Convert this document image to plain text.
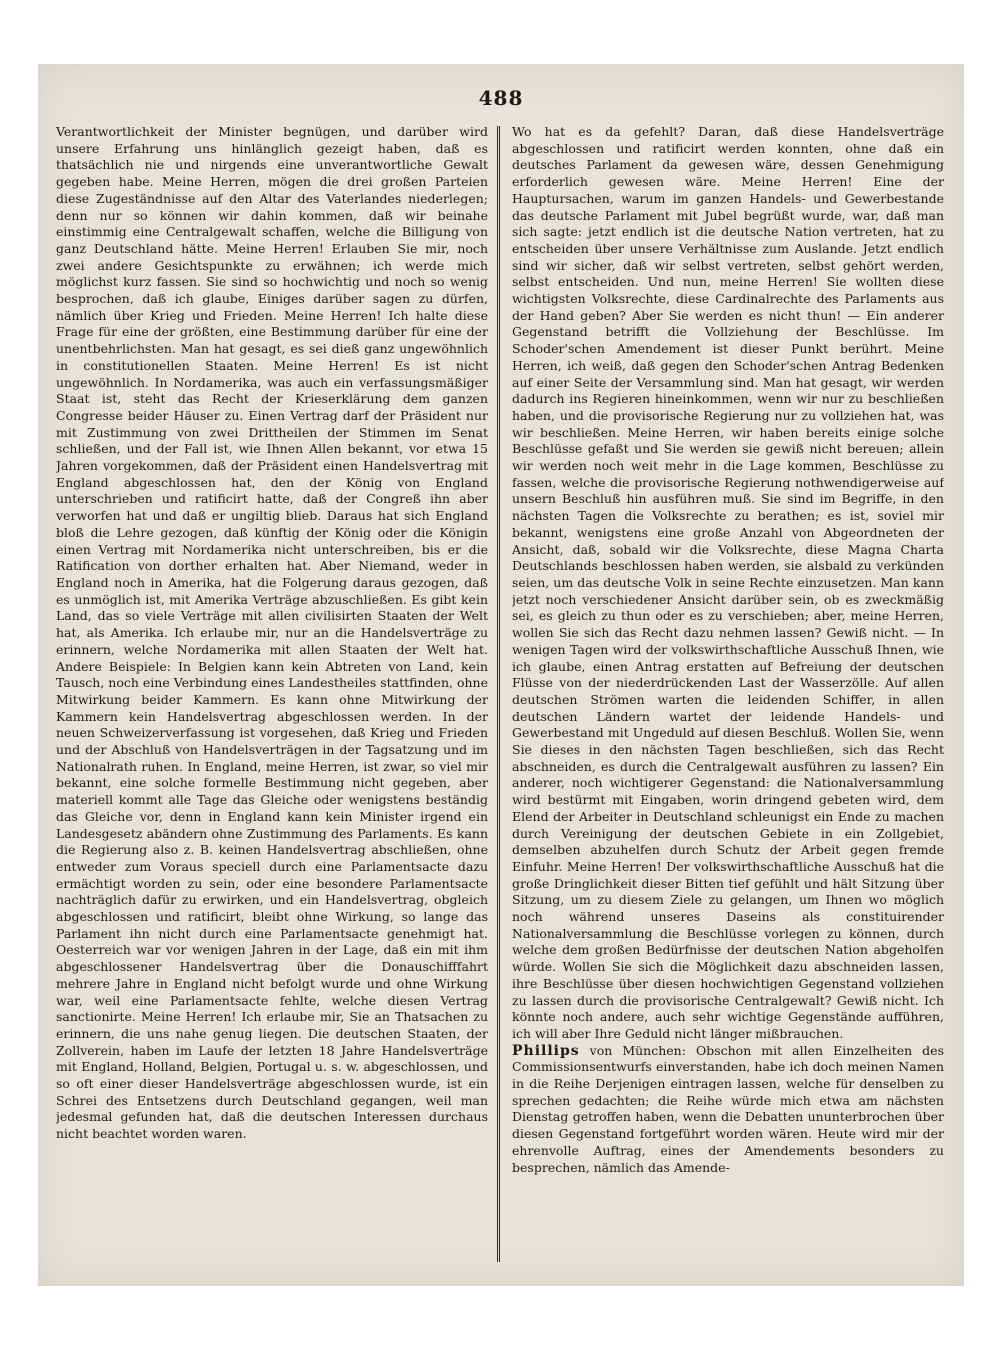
488

Verantwortlichkeit der Minister begnügen, und darüber wird unsere Erfahrung uns hinlänglich gezeigt haben, daß es thatsächlich nie und nirgends eine unverantwortliche Gewalt gegeben habe. Meine Herren, mögen die drei großen Parteien diese Zugeständnisse auf den Altar des Vaterlandes niederlegen; denn nur so können wir dahin kommen, daß wir beinahe einstimmig eine Centralgewalt schaffen, welche die Billigung von ganz Deutschland hätte. Meine Herren! Erlauben Sie mir, noch zwei andere Gesichtspunkte zu erwähnen; ich werde mich möglichst kurz fassen. Sie sind so hochwichtig und noch so wenig besprochen, daß ich glaube, Einiges darüber sagen zu dürfen, nämlich über Krieg und Frieden. Meine Herren! Ich halte diese Frage für eine der größten, eine Bestimmung darüber für eine der unentbehrlichsten. Man hat gesagt, es sei dieß ganz ungewöhnlich in constitutionellen Staaten. Meine Herren! Es ist nicht ungewöhnlich. In Nordamerika, was auch ein verfassungsmäßiger Staat ist, steht das Recht der Krieserklärung dem ganzen Congresse beider Häuser zu. Einen Vertrag darf der Präsident nur mit Zustimmung von zwei Drittheilen der Stimmen im Senat schließen, und der Fall ist, wie Ihnen Allen bekannt, vor etwa 15 Jahren vorgekommen, daß der Präsident einen Handelsvertrag mit England abgeschlossen hat, den der König von England unterschrieben und ratificirt hatte, daß der Congreß ihn aber verworfen hat und daß er ungiltig blieb. Daraus hat sich England bloß die Lehre gezogen, daß künftig der König oder die Königin einen Vertrag mit Nordamerika nicht unterschreiben, bis er die Ratification von dorther erhalten hat. Aber Niemand, weder in England noch in Amerika, hat die Folgerung daraus gezogen, daß es unmöglich ist, mit Amerika Verträge abzuschließen. Es gibt kein Land, das so viele Verträge mit allen civilisirten Staaten der Welt hat, als Amerika. Ich erlaube mir, nur an die Handelsverträge zu erinnern, welche Nordamerika mit allen Staaten der Welt hat. Andere Beispiele: In Belgien kann kein Abtreten von Land, kein Tausch, noch eine Verbindung eines Landestheiles stattfinden, ohne Mitwirkung beider Kammern. Es kann ohne Mitwirkung der Kammern kein Handelsvertrag abgeschlossen werden. In der neuen Schweizerverfassung ist vorgesehen, daß Krieg und Frieden und der Abschluß von Handelsverträgen in der Tagsatzung und im Nationalrath ruhen. In England, meine Herren, ist zwar, so viel mir bekannt, eine solche formelle Bestimmung nicht gegeben, aber materiell kommt alle Tage das Gleiche oder wenigstens beständig das Gleiche vor, denn in England kann kein Minister irgend ein Landesgesetz abändern ohne Zustimmung des Parlaments. Es kann die Regierung also z. B. keinen Handelsvertrag abschließen, ohne entweder zum Voraus speciell durch eine Parlamentsacte dazu ermächtigt worden zu sein, oder eine besondere Parlamentsacte nachträglich dafür zu erwirken, und ein Handelsvertrag, obgleich abgeschlossen und ratificirt, bleibt ohne Wirkung, so lange das Parlament ihn nicht durch eine Parlamentsacte genehmigt hat. Oesterreich war vor wenigen Jahren in der Lage, daß ein mit ihm abgeschlossener Handelsvertrag über die Donauschifffahrt mehrere Jahre in England nicht befolgt wurde und ohne Wirkung war, weil eine Parlamentsacte fehlte, welche diesen Vertrag sanctionirte. Meine Herren! Ich erlaube mir, Sie an Thatsachen zu erinnern, die uns nahe genug liegen. Die deutschen Staaten, der Zollverein, haben im Laufe der letzten 18 Jahre Handelsverträge mit England, Holland, Belgien, Portugal u. s. w. abgeschlossen, und so oft einer dieser Handelsverträge abgeschlossen wurde, ist ein Schrei des Entsetzens durch Deutschland gegangen, weil man jedesmal gefunden hat, daß die deutschen Interessen durchaus nicht beachtet worden waren.

Wo hat es da gefehlt? Daran, daß diese Handelsverträge abgeschlossen und ratificirt werden konnten, ohne daß ein deutsches Parlament da gewesen wäre, dessen Genehmigung erforderlich gewesen wäre. Meine Herren! Eine der Hauptursachen, warum im ganzen Handels- und Gewerbestande das deutsche Parlament mit Jubel begrüßt wurde, war, daß man sich sagte: jetzt endlich ist die deutsche Nation vertreten, hat zu entscheiden über unsere Verhältnisse zum Auslande. Jetzt endlich sind wir sicher, daß wir selbst vertreten, selbst gehört werden, selbst entscheiden. Und nun, meine Herren! Sie wollten diese wichtigsten Volksrechte, diese Cardinalrechte des Parlaments aus der Hand geben? Aber Sie werden es nicht thun! — Ein anderer Gegenstand betrifft die Vollziehung der Beschlüsse. Im Schoder'schen Amendement ist dieser Punkt berührt. Meine Herren, ich weiß, daß gegen den Schoder'schen Antrag Bedenken auf einer Seite der Versammlung sind. Man hat gesagt, wir werden dadurch ins Regieren hineinkommen, wenn wir nur zu beschließen haben, und die provisorische Regierung nur zu vollziehen hat, was wir beschließen. Meine Herren, wir haben bereits einige solche Beschlüsse gefaßt und Sie werden sie gewiß nicht bereuen; allein wir werden noch weit mehr in die Lage kommen, Beschlüsse zu fassen, welche die provisorische Regierung nothwendigerweise auf unsern Beschluß hin ausführen muß. Sie sind im Begriffe, in den nächsten Tagen die Volksrechte zu berathen; es ist, soviel mir bekannt, wenigstens eine große Anzahl von Abgeordneten der Ansicht, daß, sobald wir die Volksrechte, diese Magna Charta Deutschlands beschlossen haben werden, sie alsbald zu verkünden seien, um das deutsche Volk in seine Rechte einzusetzen. Man kann jetzt noch verschiedener Ansicht darüber sein, ob es zweckmäßig sei, es gleich zu thun oder es zu verschieben; aber, meine Herren, wollen Sie sich das Recht dazu nehmen lassen? Gewiß nicht. — In wenigen Tagen wird der volkswirthschaftliche Ausschuß Ihnen, wie ich glaube, einen Antrag erstatten auf Befreiung der deutschen Flüsse von der niederdrückenden Last der Wasserzölle. Auf allen deutschen Strömen warten die leidenden Schiffer, in allen deutschen Ländern wartet der leidende Handels- und Gewerbestand mit Ungeduld auf diesen Beschluß. Wollen Sie, wenn Sie dieses in den nächsten Tagen beschließen, sich das Recht abschneiden, es durch die Centralgewalt ausführen zu lassen? Ein anderer, noch wichtigerer Gegenstand: die Nationalversammlung wird bestürmt mit Eingaben, worin dringend gebeten wird, dem Elend der Arbeiter in Deutschland schleunigst ein Ende zu machen durch Vereinigung der deutschen Gebiete in ein Zollgebiet, demselben abzuhelfen durch Schutz der Arbeit gegen fremde Einfuhr. Meine Herren! Der volkswirthschaftliche Ausschuß hat die große Dringlichkeit dieser Bitten tief gefühlt und hält Sitzung über Sitzung, um zu diesem Ziele zu gelangen, um Ihnen wo möglich noch während unseres Daseins als constituirender Nationalversammlung die Beschlüsse vorlegen zu können, durch welche dem großen Bedürfnisse der deutschen Nation abgeholfen würde. Wollen Sie sich die Möglichkeit dazu abschneiden lassen, ihre Beschlüsse über diesen hochwichtigen Gegenstand vollziehen zu lassen durch die provisorische Centralgewalt? Gewiß nicht. Ich könnte noch andere, auch sehr wichtige Gegenstände aufführen, ich will aber Ihre Geduld nicht länger mißbrauchen.

Phillips von München: Obschon mit allen Einzelheiten des Commissionsentwurfs einverstanden, habe ich doch meinen Namen in die Reihe Derjenigen eintragen lassen, welche für denselben zu sprechen gedachten; die Reihe würde mich etwa am nächsten Dienstag getroffen haben, wenn die Debatten ununterbrochen über diesen Gegenstand fortgeführt worden wären. Heute wird mir der ehrenvolle Auftrag, eines der Amendements besonders zu besprechen, nämlich das Amende-
